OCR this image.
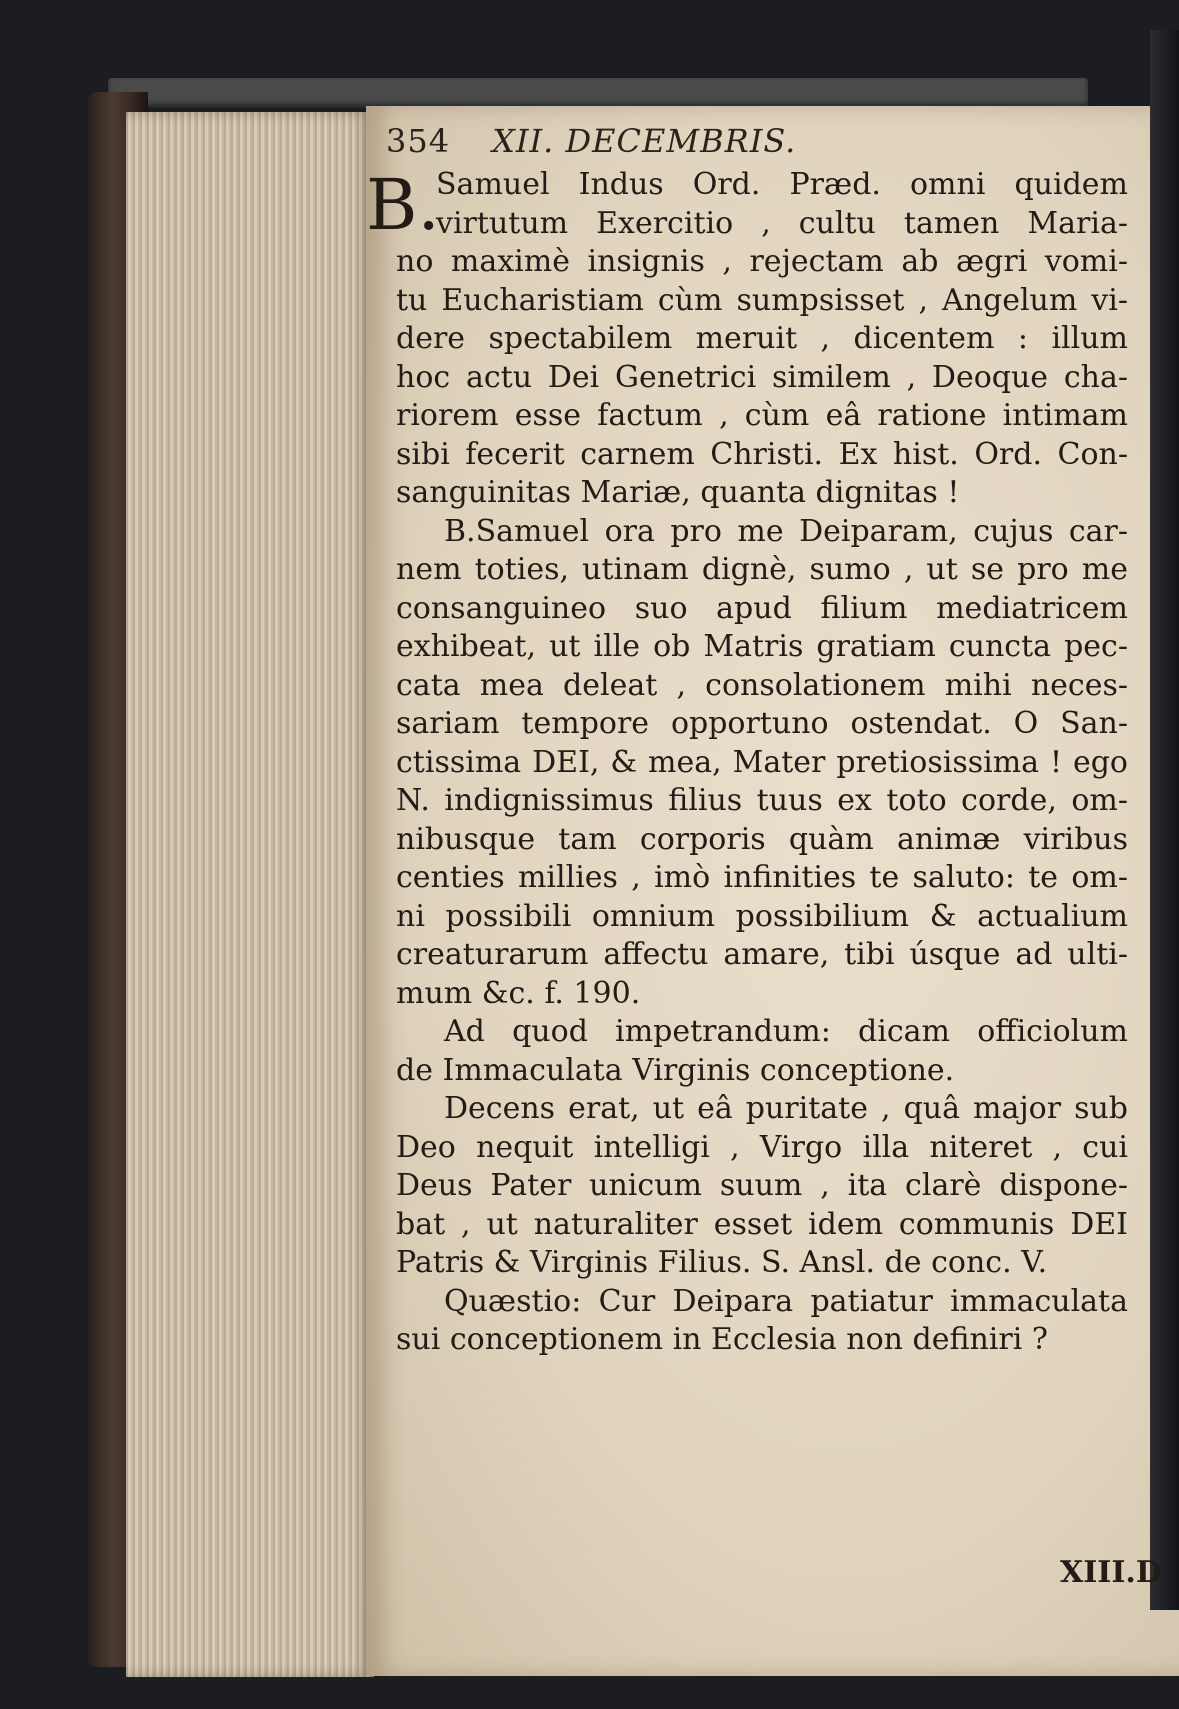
354 XII. DECEMBRIS.
B.
Samuel Indus Ord. Præd. omni quidem
virtutum Exercitio , cultu tamen Maria-
no maximè insignis , rejectam ab ægri vomi-
tu Eucharistiam cùm sumpsisset , Angelum vi-
dere spectabilem meruit , dicentem : illum
hoc actu Dei Genetrici similem , Deoque cha-
riorem esse factum , cùm eâ ratione intimam
sibi fecerit carnem Christi. Ex hist. Ord. Con-
sanguinitas Mariæ, quanta dignitas !
B.Samuel ora pro me Deiparam, cujus car-
nem toties, utinam dignè, sumo , ut se pro me
consanguineo suo apud filium mediatricem
exhibeat, ut ille ob Matris gratiam cuncta pec-
cata mea deleat , consolationem mihi neces-
sariam tempore opportuno ostendat. O San-
ctissima DEI, & mea, Mater pretiosissima ! ego
N. indignissimus filius tuus ex toto corde, om-
nibusque tam corporis quàm animæ viribus
centies millies , imò infinities te saluto: te om-
ni possibili omnium possibilium & actualium
creaturarum affectu amare, tibi úsque ad ulti-
mum &c. f. 190.
Ad quod impetrandum: dicam officiolum
de Immaculata Virginis conceptione.
Decens erat, ut eâ puritate , quâ major sub
Deo nequit intelligi , Virgo illa niteret , cui
Deus Pater unicum suum , ita clarè dispone-
bat , ut naturaliter esset idem communis DEI
Patris & Virginis Filius. S. Ansl. de conc. V.
Quæstio: Cur Deipara patiatur immaculata
sui conceptionem in Ecclesia non definiri ?
XIII.D
